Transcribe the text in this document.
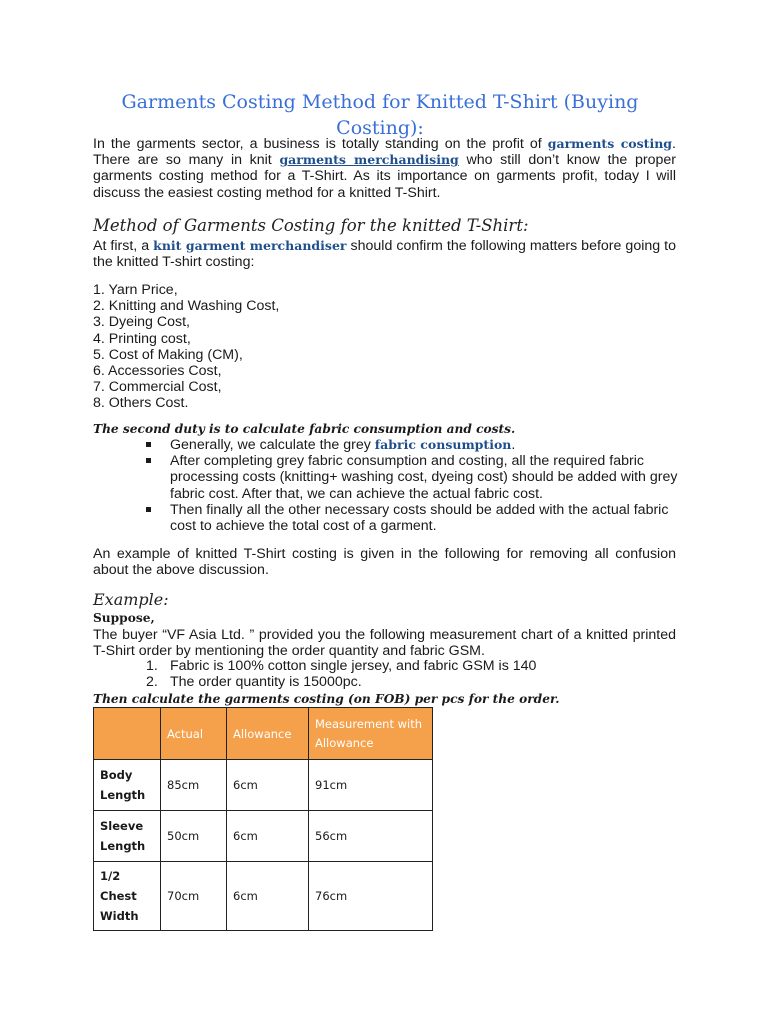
Garments Costing Method for Knitted T-Shirt (Buying Costing):
In the garments sector, a business is totally standing on the profit of garments costing. There are so many in knit garments merchandising who still don’t know the proper garments costing method for a T-Shirt. As its importance on garments profit, today I will discuss the easiest costing method for a knitted T-Shirt.
Method of Garments Costing for the knitted T-Shirt:
At first, a knit garment merchandiser should confirm the following matters before going to the knitted T-shirt costing:
1. Yarn Price,
2. Knitting and Washing Cost,
3. Dyeing Cost,
4. Printing cost,
5. Cost of Making (CM),
6. Accessories Cost,
7. Commercial Cost,
8. Others Cost.
The second duty is to calculate fabric consumption and costs.
Generally, we calculate the grey fabric consumption.
After completing grey fabric consumption and costing, all the required fabric processing costs (knitting+ washing cost, dyeing cost) should be added with grey fabric cost. After that, we can achieve the actual fabric cost.
Then finally all the other necessary costs should be added with the actual fabric cost to achieve the total cost of a garment.
An example of knitted T-Shirt costing is given in the following for removing all confusion about the above discussion.
Example:
Suppose,
The buyer “VF Asia Ltd. ” provided you the following measurement chart of a knitted printed T-Shirt order by mentioning the order quantity and fabric GSM.
1. Fabric is 100% cotton single jersey, and fabric GSM is 140
2. The order quantity is 15000pc.
Then calculate the garments costing (on FOB) per pcs for the order.
	Actual	Allowance	Measurement with Allowance
Body Length	85cm	6cm	91cm
Sleeve Length	50cm	6cm	56cm
1/2 Chest Width	70cm	6cm	76cm
